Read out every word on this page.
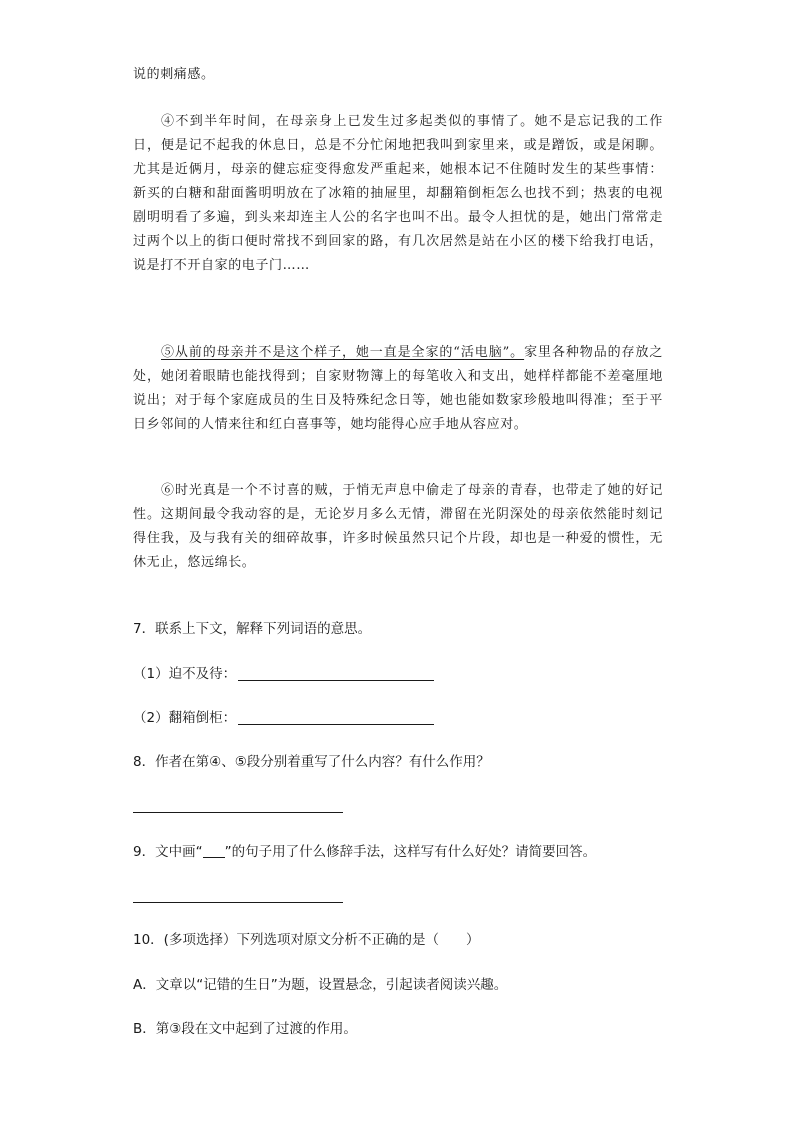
说的刺痛感。

④不到半年时间，在母亲身上已发生过多起类似的事情了。她不是忘记我的工作日，便是记不起我的休息日，总是不分忙闲地把我叫到家里来，或是蹭饭，或是闲聊。尤其是近俩月，母亲的健忘症变得愈发严重起来，她根本记不住随时发生的某些事情：新买的白糖和甜面酱明明放在了冰箱的抽屉里，却翻箱倒柜怎么也找不到；热衷的电视剧明明看了多遍，到头来却连主人公的名字也叫不出。最令人担忧的是，她出门常常走过两个以上的街口便时常找不到回家的路，有几次居然是站在小区的楼下给我打电话，说是打不开自家的电子门……

⑤从前的母亲并不是这个样子，她一直是全家的“活电脑”。家里各种物品的存放之处，她闭着眼睛也能找得到；自家财物簿上的每笔收入和支出，她样样都能不差毫厘地说出；对于每个家庭成员的生日及特殊纪念日等，她也能如数家珍般地叫得准；至于平日乡邻间的人情来往和红白喜事等，她均能得心应手地从容应对。

⑥时光真是一个不讨喜的贼，于悄无声息中偷走了母亲的青春，也带走了她的好记性。这期间最令我动容的是，无论岁月多么无情，滞留在光阴深处的母亲依然能时刻记得住我，及与我有关的细碎故事，许多时候虽然只记个片段，却也是一种爱的惯性，无休无止，悠远绵长。

7．联系上下文，解释下列词语的意思。

（1）迫不及待：

（2）翻箱倒柜：

8．作者在第④、⑤段分别着重写了什么内容？有什么作用？

9．文中画“ ”的句子用了什么修辞手法，这样写有什么好处？请简要回答。

10．(多项选择）下列选项对原文分析不正确的是（　　）

A．文章以“记错的生日”为题，设置悬念，引起读者阅读兴趣。

B．第③段在文中起到了过渡的作用。
